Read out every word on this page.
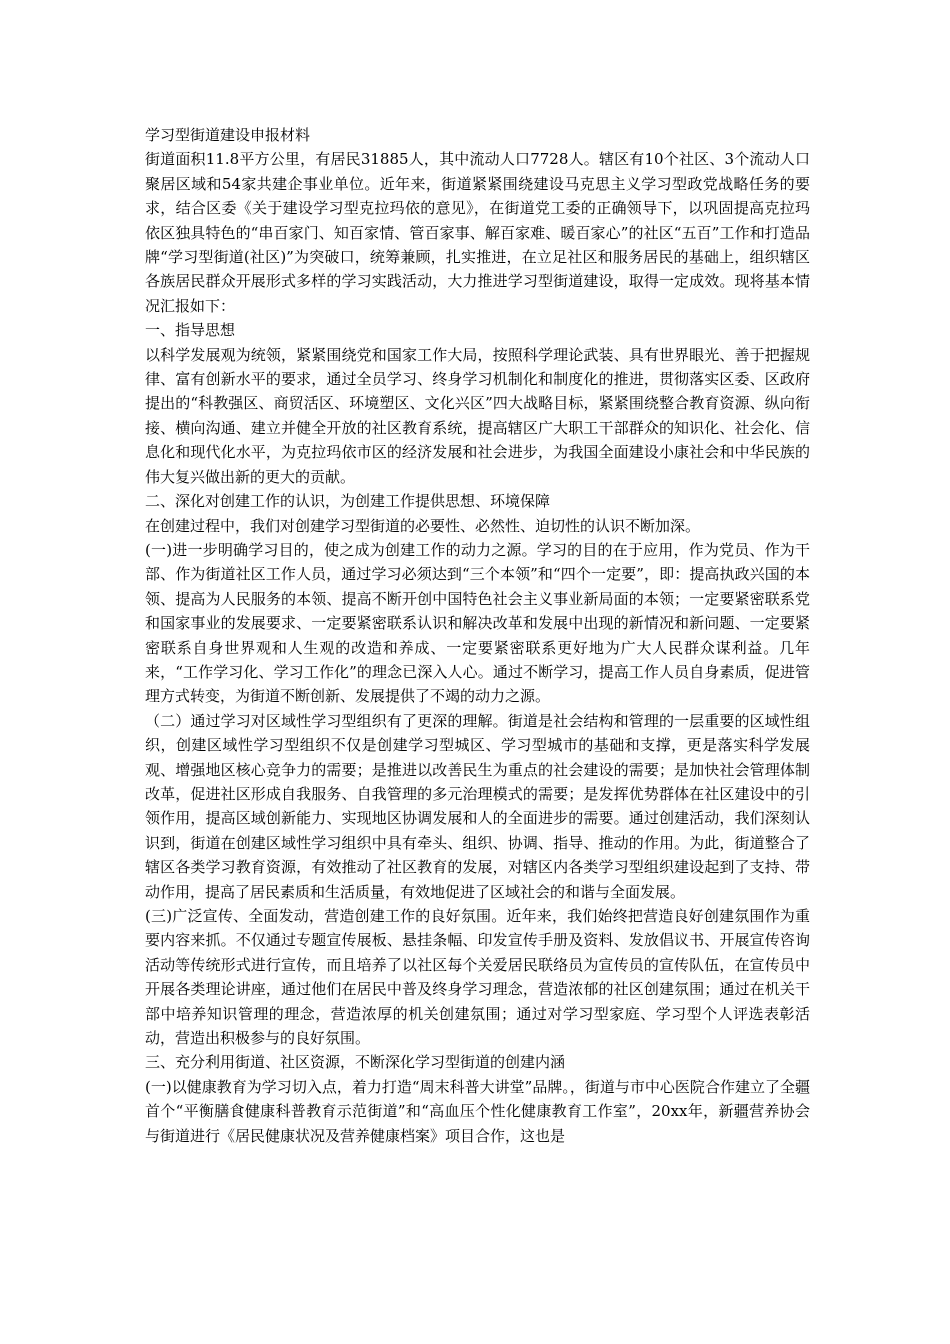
学习型街道建设申报材料

街道面积11.8平方公里，有居民31885人，其中流动人口7728人。辖区有10个社区、3个流动人口聚居区域和54家共建企事业单位。近年来，街道紧紧围绕建设马克思主义学习型政党战略任务的要求，结合区委《关于建设学习型克拉玛依的意见》，在街道党工委的正确领导下，以巩固提高克拉玛依区独具特色的“串百家门、知百家情、管百家事、解百家难、暖百家心”的社区“五百”工作和打造品牌“学习型街道(社区)”为突破口，统筹兼顾，扎实推进，在立足社区和服务居民的基础上，组织辖区各族居民群众开展形式多样的学习实践活动，大力推进学习型街道建设，取得一定成效。现将基本情况汇报如下：

一、指导思想

以科学发展观为统领，紧紧围绕党和国家工作大局，按照科学理论武装、具有世界眼光、善于把握规律、富有创新水平的要求，通过全员学习、终身学习机制化和制度化的推进，贯彻落实区委、区政府提出的“科教强区、商贸活区、环境塑区、文化兴区”四大战略目标，紧紧围绕整合教育资源、纵向衔接、横向沟通、建立并健全开放的社区教育系统，提高辖区广大职工干部群众的知识化、社会化、信息化和现代化水平，为克拉玛依市区的经济发展和社会进步，为我国全面建设小康社会和中华民族的伟大复兴做出新的更大的贡献。

二、深化对创建工作的认识，为创建工作提供思想、环境保障

在创建过程中，我们对创建学习型街道的必要性、必然性、迫切性的认识不断加深。

(一)进一步明确学习目的，使之成为创建工作的动力之源。学习的目的在于应用，作为党员、作为干部、作为街道社区工作人员，通过学习必须达到“三个本领”和“四个一定要”，即：提高执政兴国的本领、提高为人民服务的本领、提高不断开创中国特色社会主义事业新局面的本领；一定要紧密联系党和国家事业的发展要求、一定要紧密联系认识和解决改革和发展中出现的新情况和新问题、一定要紧密联系自身世界观和人生观的改造和养成、一定要紧密联系更好地为广大人民群众谋利益。几年来，“工作学习化、学习工作化”的理念已深入人心。通过不断学习，提高工作人员自身素质，促进管理方式转变，为街道不断创新、发展提供了不竭的动力之源。

（二）通过学习对区域性学习型组织有了更深的理解。街道是社会结构和管理的一层重要的区域性组织，创建区域性学习型组织不仅是创建学习型城区、学习型城市的基础和支撑，更是落实科学发展观、增强地区核心竞争力的需要；是推进以改善民生为重点的社会建设的需要；是加快社会管理体制改革，促进社区形成自我服务、自我管理的多元治理模式的需要；是发挥优势群体在社区建设中的引领作用，提高区域创新能力、实现地区协调发展和人的全面进步的需要。通过创建活动，我们深刻认识到，街道在创建区域性学习组织中具有牵头、组织、协调、指导、推动的作用。为此，街道整合了辖区各类学习教育资源，有效推动了社区教育的发展，对辖区内各类学习型组织建设起到了支持、带动作用，提高了居民素质和生活质量，有效地促进了区域社会的和谐与全面发展。

(三)广泛宣传、全面发动，营造创建工作的良好氛围。近年来，我们始终把营造良好创建氛围作为重要内容来抓。不仅通过专题宣传展板、悬挂条幅、印发宣传手册及资料、发放倡议书、开展宣传咨询活动等传统形式进行宣传，而且培养了以社区每个关爱居民联络员为宣传员的宣传队伍，在宣传员中开展各类理论讲座，通过他们在居民中普及终身学习理念，营造浓郁的社区创建氛围；通过在机关干部中培养知识管理的理念，营造浓厚的机关创建氛围；通过对学习型家庭、学习型个人评选表彰活动，营造出积极参与的良好氛围。

三、充分利用街道、社区资源，不断深化学习型街道的创建内涵

(一)以健康教育为学习切入点，着力打造“周末科普大讲堂”品牌。，街道与市中心医院合作建立了全疆首个“平衡膳食健康科普教育示范街道”和“高血压个性化健康教育工作室”，20xx年，新疆营养协会与街道进行《居民健康状况及营养健康档案》项目合作，这也是
